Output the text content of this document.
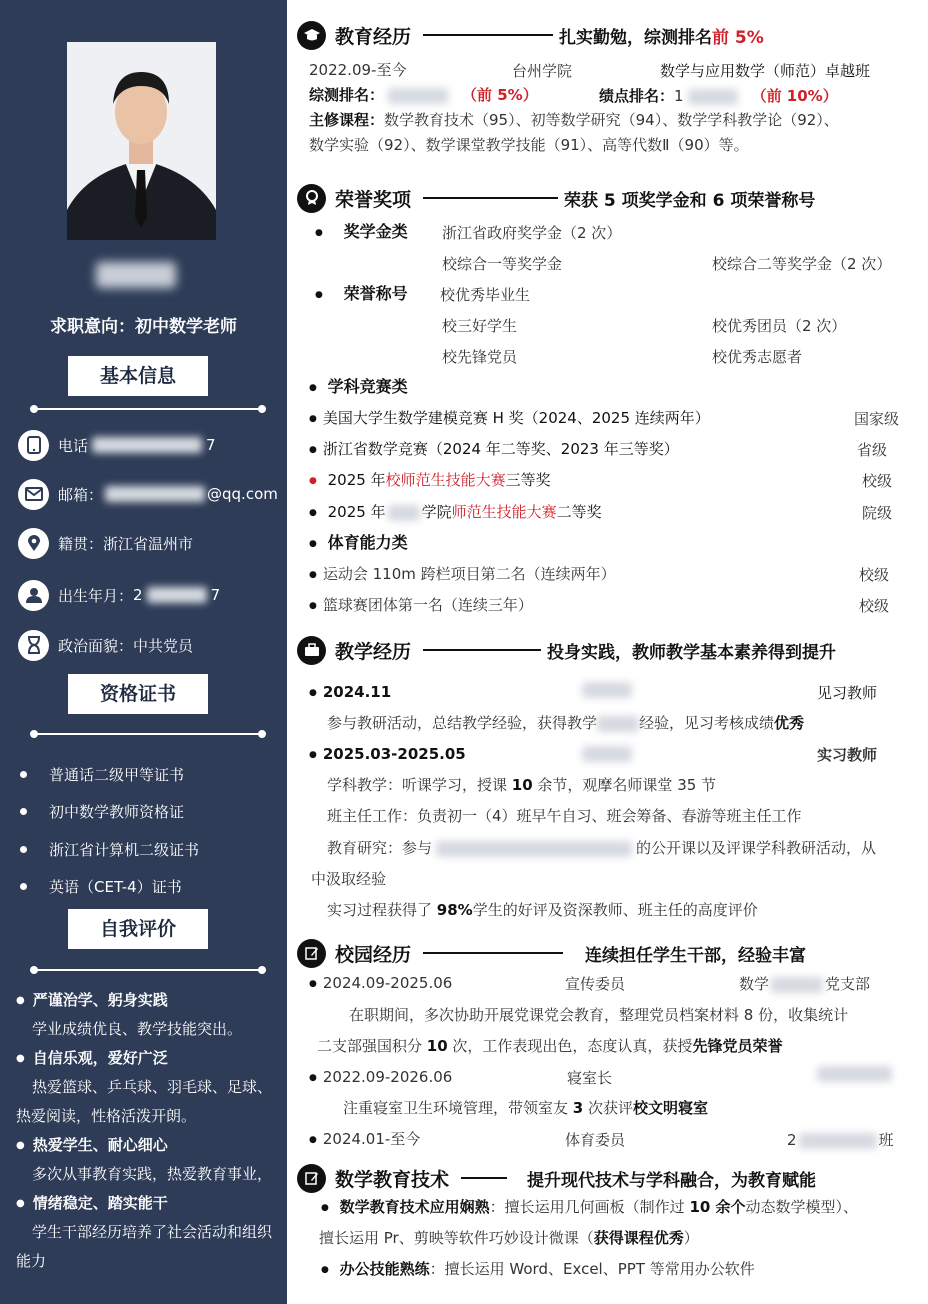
求职意向：初中数学老师
基本信息
电话	7
邮箱：	@qq.com
籍贯： 浙江省温州市
出生年月： 2	7
政治面貌： 中共党员
资格证书
普通话二级甲等证书
初中数学教师资格证
浙江省计算机二级证书
英语（CET-4）证书
自我评价
● 严谨治学、躬身实践
学业成绩优良、教学技能突出。
● 自信乐观，爱好广泛
热爱篮球、乒乓球、羽毛球、足球、热爱阅读，性格活泼开朗。
● 热爱学生、耐心细心
多次从事教育实践，热爱教育事业，
● 情绪稳定、踏实能干
学生干部经历培养了社会活动和组织能力
教育经历	扎实勤勉，综测排名 前 5%
2022.09-至今	台州学院	数学与应用数学（师范）卓越班
综测排名：	（前 5%）	绩点排名：1	（前 10%）
主修课程：数学教育技术（95）、初等数学研究（94）、数学学科教学论（92）、
数学实验（92）、数学课堂教学技能（91）、高等代数Ⅱ（90）等。
荣誉奖项	荣获 5 项奖学金和 6 项荣誉称号
● 奖学金类 浙江省政府奖学金（2 次）
校综合一等奖学金	校综合二等奖学金（2 次）
● 荣誉称号 校优秀毕业生
校三好学生	校优秀团员（2 次）
校先锋党员	校优秀志愿者
● 学科竞赛类
● 美国大学生数学建模竞赛 H 奖（2024、2025 连续两年）	国家级
● 浙江省数学竞赛（2024 年二等奖、2023 年三等奖）	省级
● 2025 年校师范生技能大赛三等奖	校级
● 2025 年 学院师范生技能大赛二等奖	院级
● 体育能力类
● 运动会 110m 跨栏项目第二名（连续两年）	校级
● 篮球赛团体第一名（连续三年）	校级
教学经历	投身 实践，教师教学基本素养得到提升
● 2024.11	见习教师
参与教研活动，总结教学经验，获得教学	经验，见习考核成绩优秀
● 2025.03-2025.05	实习教师
学科教学：听课学习，授课 10 余节，观摩名师课堂 35 节
班主任工作：负责初一（4）班早午自习、班会筹备、春游等班主任工作
教育研究：参与	的公开课以及评课学科教研活动，从
中汲取经验
实习过程获得了 98%学生的好评及资深教师、班主任的高度评价
校园经历	连续担任学生干部，经验丰富
● 2024.09-2025.06	宣传委员	数学	党支部
在职期间，多次协助开展党课党会教育，整理党员档案材料 8 份，收集统计
二支部强国积分 10 次，工作表现出色，态度认真，获授先锋党员荣誉
● 2022.09-2026.06	寝室长
注重寝室卫生环境管理，带领室友 3 次获评校文明寝室
● 2024.01-至今	体育委员	2	班
数学教育技术	提升现代技术与学科融合，为教育赋能
● 数学教育技术应用娴熟：擅长运用几何画板（制作过 10 余个动态数学模型）、
擅长运用 Pr、剪映等软件巧妙设计微课（获得课程优秀）
● 办公技能熟练：擅长运用 Word、Excel、PPT 等常用办公软件
